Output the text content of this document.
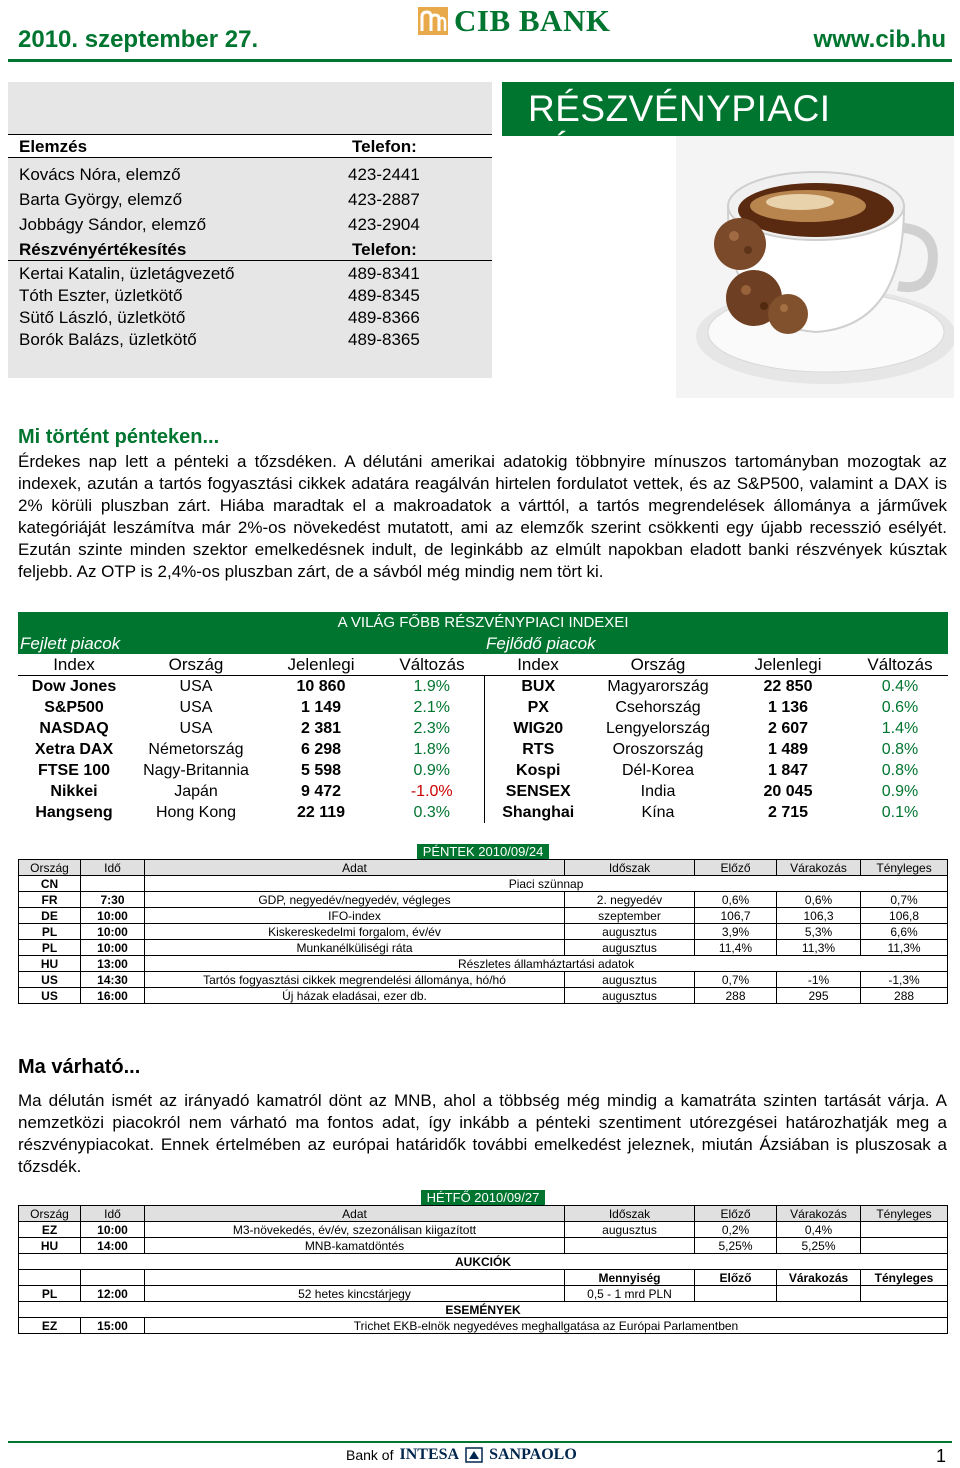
2010. szeptember 27.
CIB BANK
www.cib.hu
Elemzés	Telefon:
Kovács Nóra, elemző	423-2441
Barta György, elemző	423-2887
Jobbágy Sándor, elemző	423-2904
Részvényértékesítés	Telefon:
Kertai Katalin, üzletágvezető	489-8341
Tóth Eszter, üzletkötő	489-8345
Sütő László, üzletkötő	489-8366
Borók Balázs, üzletkötő	489-8365
RÉSZVÉNYPIACI HÍREK
Mi történt pénteken...
Érdekes nap lett a pénteki a tőzsdéken. A délutáni amerikai adatokig többnyire mínuszos tartományban mozogtak az indexek, azután a tartós fogyasztási cikkek adatára reagálván hirtelen fordulatot vettek, és az S&P500, valamint a DAX is 2% körüli pluszban zárt. Hiába maradtak el a makroadatok a várttól, a tartós megrendelések állománya a járművek kategóriáját leszámítva már 2%-os növekedést mutatott, ami az elemzők szerint csökkenti egy újabb recesszió esélyét. Ezután szinte minden szektor emelkedésnek indult, de leginkább az elmúlt napokban eladott banki részvények kúsztak feljebb. Az OTP is 2,4%-os pluszban zárt, de a sávból még mindig nem tört ki.
A VILÁG FŐBB RÉSZVÉNYPIACI INDEXEI							
Fejlett piacok				Fejlődő piacok			
Index	Ország	Jelenlegi	Változás	Index	Ország	Jelenlegi	Változás
Dow Jones	USA	10 860	1.9%	BUX	Magyarország	22 850	0.4%
S&P500	USA	1 149	2.1%	PX	Csehország	1 136	0.6%
NASDAQ	USA	2 381	2.3%	WIG20	Lengyelország	2 607	1.4%
Xetra DAX	Németország	6 298	1.8%	RTS	Oroszország	1 489	0.8%
FTSE 100	Nagy-Britannia	5 598	0.9%	Kospi	Dél-Korea	1 847	0.8%
Nikkei	Japán	9 472	-1.0%	SENSEX	India	20 045	0.9%
Hangseng	Hong Kong	22 119	0.3%	Shanghai	Kína	2 715	0.1%
PÉNTEK 2010/09/24						
Ország	Idő	Adat	Időszak	Előző	Várakozás	Tényleges
CN		Piaci szünnap				
FR	7:30	GDP, negyedév/negyedév, végleges	2. negyedév	0,6%	0,6%	0,7%
DE	10:00	IFO-index	szeptember	106,7	106,3	106,8
PL	10:00	Kiskereskedelmi forgalom, év/év	augusztus	3,9%	5,3%	6,6%
PL	10:00	Munkanélküliségi ráta	augusztus	11,4%	11,3%	11,3%
HU	13:00	Részletes államháztartási adatok				
US	14:30	Tartós fogyasztási cikkek megrendelési állománya, hó/hó	augusztus	0,7%	-1%	-1,3%
US	16:00	Új házak eladásai, ezer db.	augusztus	288	295	288
Ma várható...
Ma délután ismét az irányadó kamatról dönt az MNB, ahol a többség még mindig a kamatráta szinten tartását várja. A nemzetközi piacokról nem várható ma fontos adat, így inkább a pénteki szentiment utórezgései határozhatják meg a részvénypiacokat. Ennek értelmében az európai határidők további emelkedést jeleznek, miután Ázsiában is pluszosak a tőzsdék.
HÉTFŐ 2010/09/27						
Ország	Idő	Adat	Időszak	Előző	Várakozás	Tényleges
EZ	10:00	M3-növekedés, év/év, szezonálisan kiigazított	augusztus	0,2%	0,4%	
HU	14:00	MNB-kamatdöntés		5,25%	5,25%	
AUKCIÓK						
			Mennyiség	Előző	Várakozás	Tényleges
PL	12:00	52 hetes kincstárjegy	0,5 - 1 mrd PLN			
ESEMÉNYEK						
EZ	15:00	Trichet EKB-elnök negyedéves meghallgatása az Európai Parlamentben				
Bank of INTESA SANPAOLO	1
